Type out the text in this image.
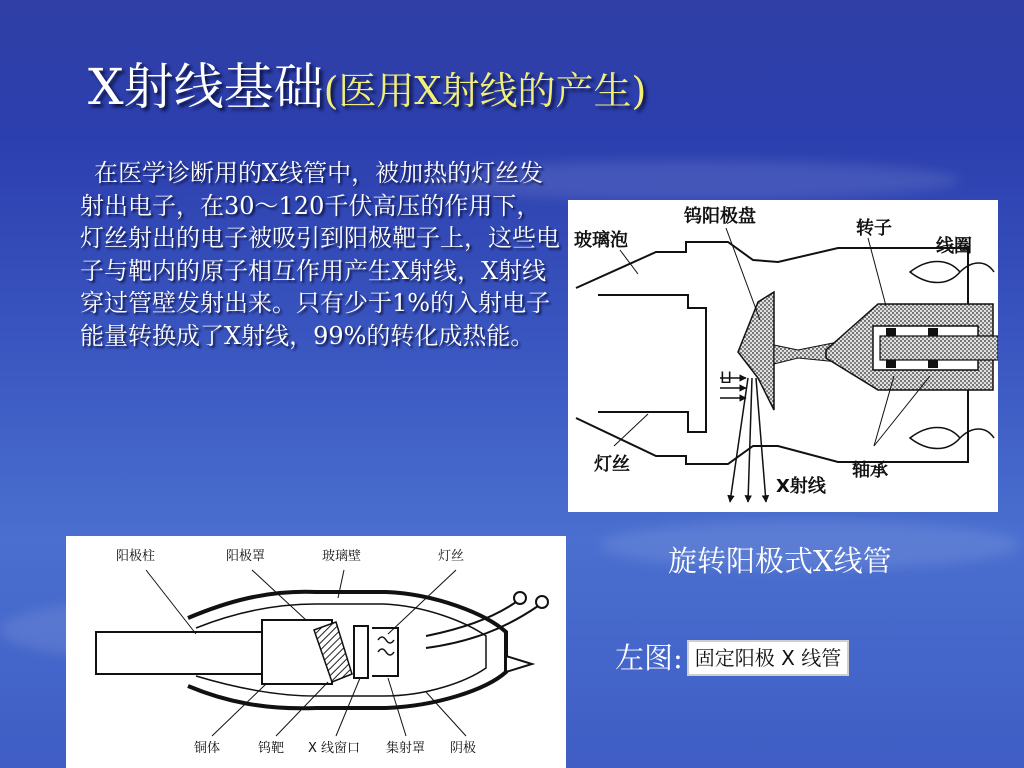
X射线基础(医用X射线的产生)

在医学诊断用的X线管中，被加热的灯丝发射出电子，在30～120千伏高压的作用下，灯丝射出的电子被吸引到阳极靶子上，这些电子与靶内的原子相互作用产生X射线，X射线穿过管壁发射出来。只有少于1%的入射电子能量转换成了X射线，99%的转化成热能。

ⵡ
玻璃泡
钨阳极盘
转子
线圈
灯丝
X射线
轴承
阳极柱	阳极罩	玻璃壁	灯丝
铜体	钨靶 X 线窗口 集射罩 阴极

旋转阳极式X线管

左图: 固定阳极 X 线管
